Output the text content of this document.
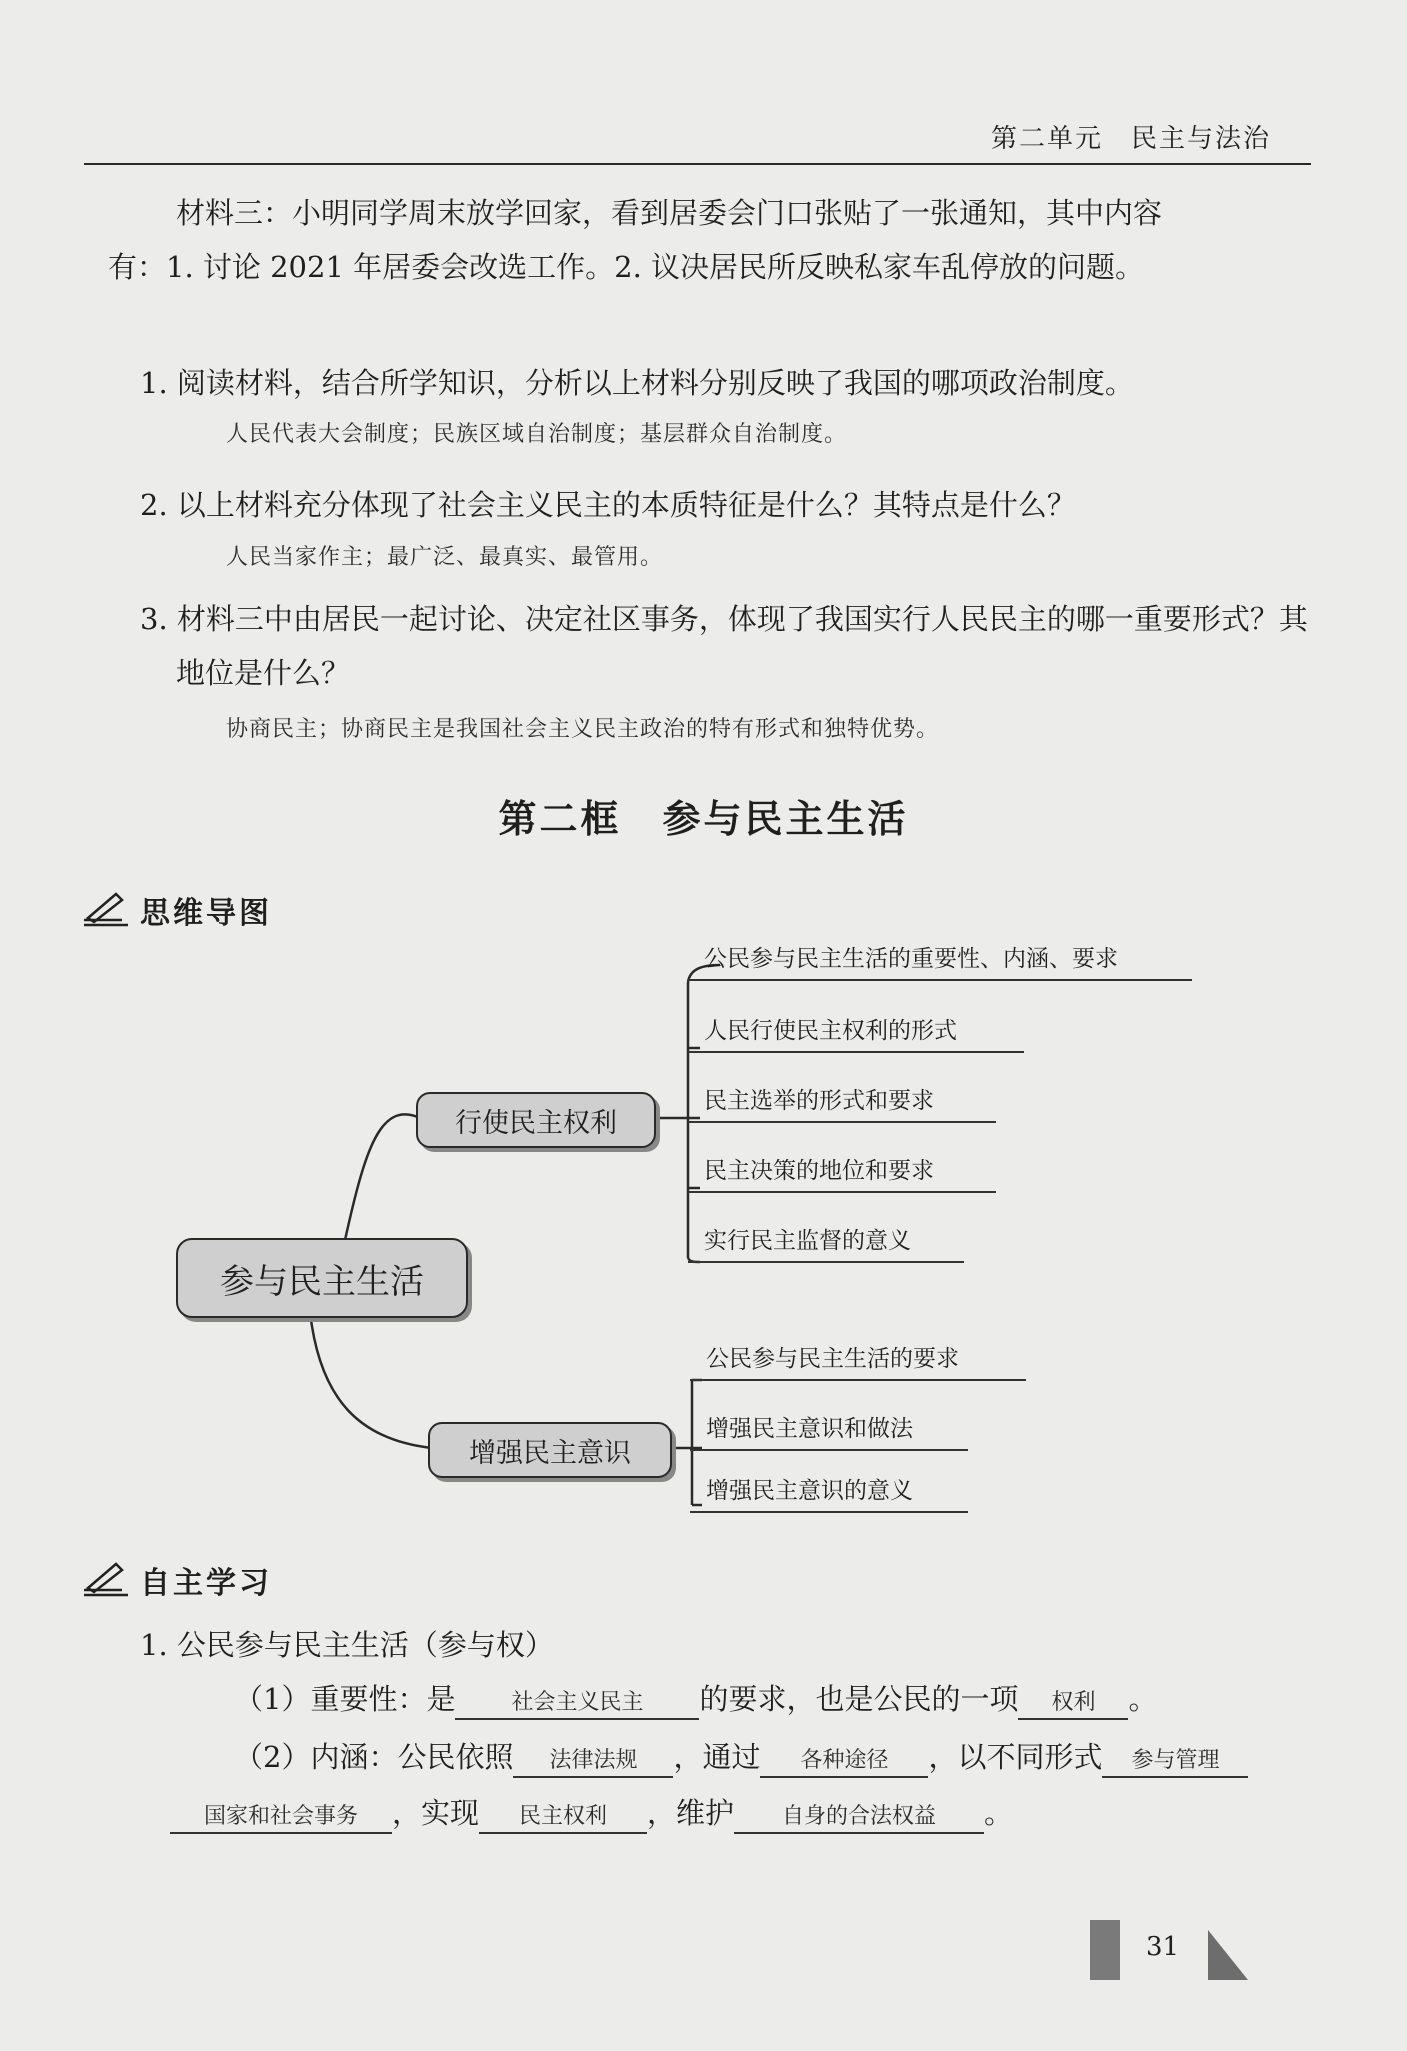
第二单元　民主与法治
材料三：小明同学周末放学回家，看到居委会门口张贴了一张通知，其中内容有：1. 讨论 2021 年居委会改选工作。2. 议决居民所反映私家车乱停放的问题。
1. 阅读材料，结合所学知识，分析以上材料分别反映了我国的哪项政治制度。
人民代表大会制度；民族区域自治制度；基层群众自治制度。
2. 以上材料充分体现了社会主义民主的本质特征是什么？其特点是什么？
人民当家作主；最广泛、最真实、最管用。
3. 材料三中由居民一起讨论、决定社区事务，体现了我国实行人民民主的哪一重要形式？其地位是什么？
协商民主；协商民主是我国社会主义民主政治的特有形式和独特优势。
第二框　参与民主生活
思维导图
参与民主生活
行使民主权利
增强民主意识
公民参与民主生活的重要性、内涵、要求
人民行使民主权利的形式
民主选举的形式和要求
民主决策的地位和要求
实行民主监督的意义
公民参与民主生活的要求
增强民主意识和做法
增强民主意识的意义
自主学习
1. 公民参与民主生活（参与权）
（1）重要性：是	社会主义民主 的要求，也是公民的一项 权利 。
（2）内涵：公民依照 法律法规 ，通过 各种途径 ，以不同形式 参与管理
国家和社会事务 ，实现 民主权利 ，维护 自身的合法权益 。
31
